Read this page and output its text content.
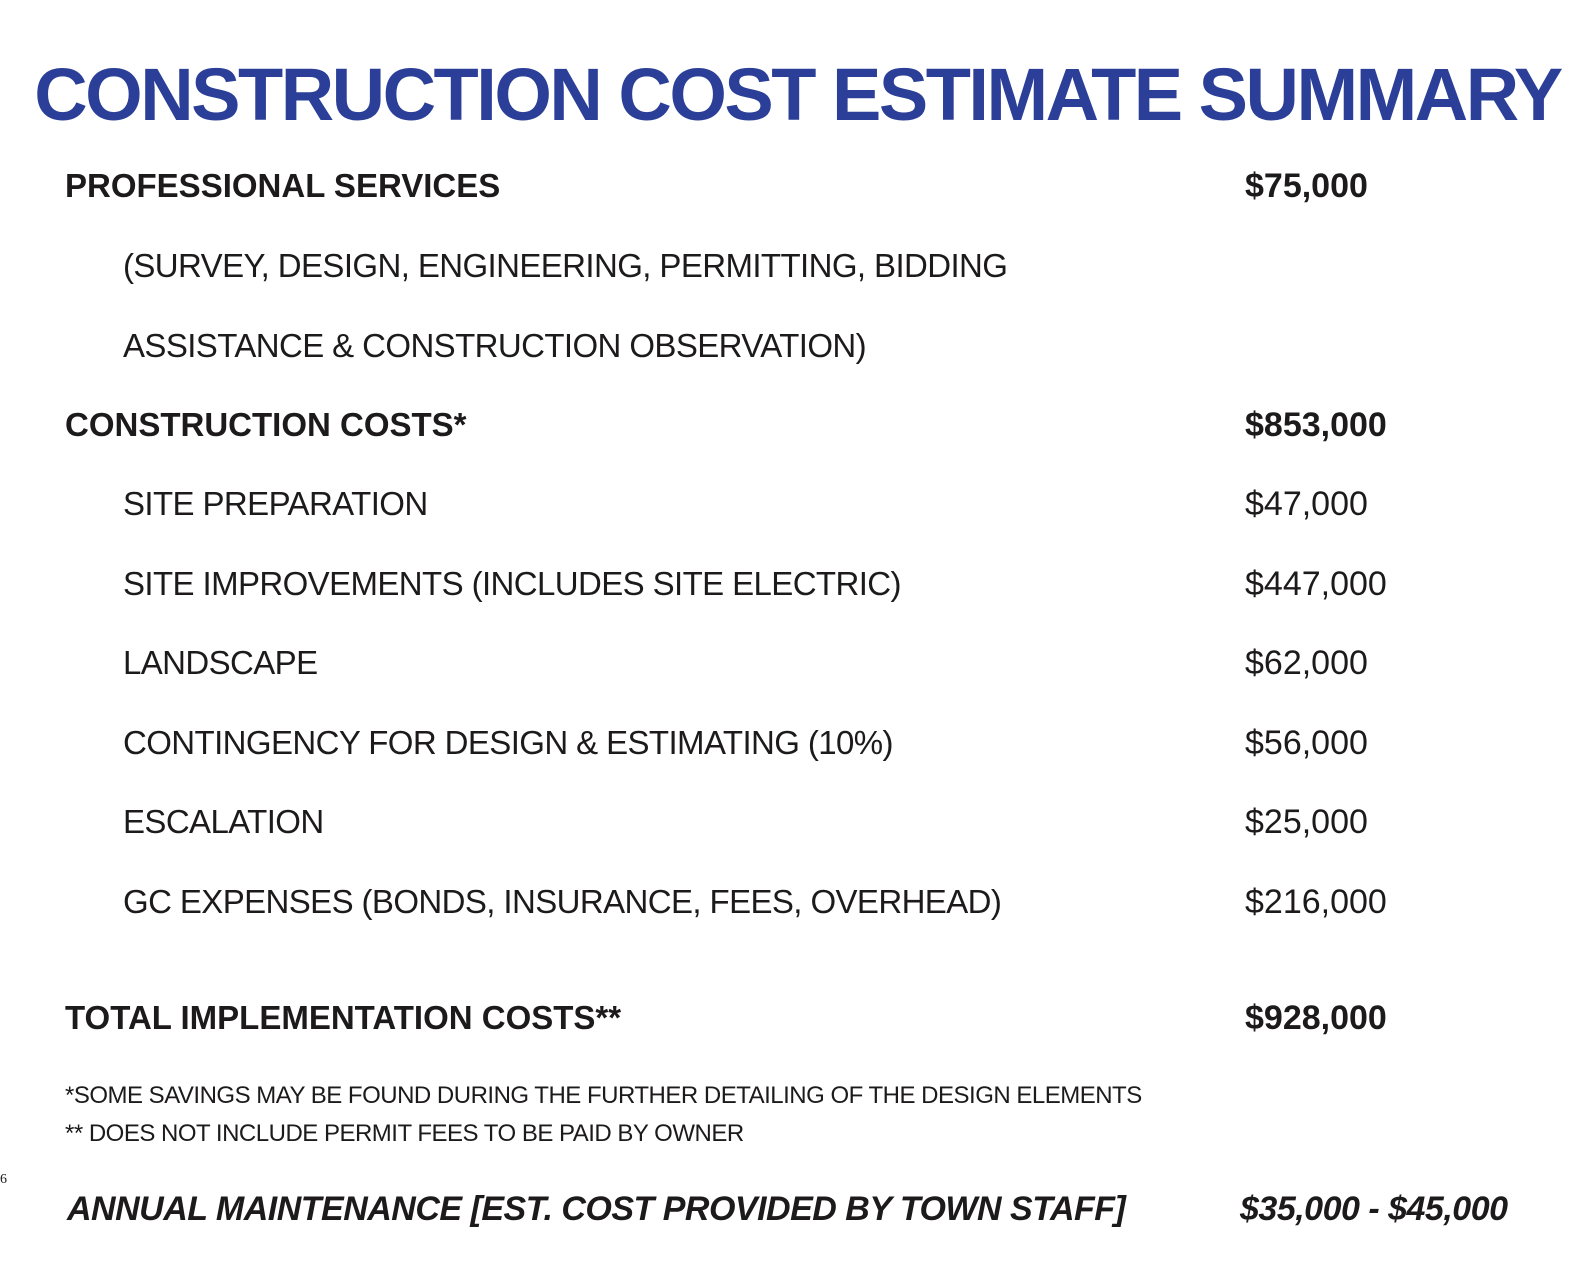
CONSTRUCTION COST ESTIMATE SUMMARY
PROFESSIONAL SERVICES	$75,000
(SURVEY, DESIGN, ENGINEERING, PERMITTING, BIDDING
ASSISTANCE & CONSTRUCTION OBSERVATION)
CONSTRUCTION COSTS*	$853,000
SITE PREPARATION	$47,000
SITE IMPROVEMENTS (INCLUDES SITE ELECTRIC)	$447,000
LANDSCAPE	$62,000
CONTINGENCY FOR DESIGN & ESTIMATING (10%)	$56,000
ESCALATION	$25,000
GC EXPENSES (BONDS, INSURANCE, FEES, OVERHEAD)	$216,000
TOTAL IMPLEMENTATION COSTS**	$928,000
*SOME SAVINGS MAY BE FOUND DURING THE FURTHER DETAILING OF THE DESIGN ELEMENTS
** DOES NOT INCLUDE PERMIT FEES TO BE PAID BY OWNER
6
ANNUAL MAINTENANCE [EST. COST PROVIDED BY TOWN STAFF]	$35,000 - $45,000
